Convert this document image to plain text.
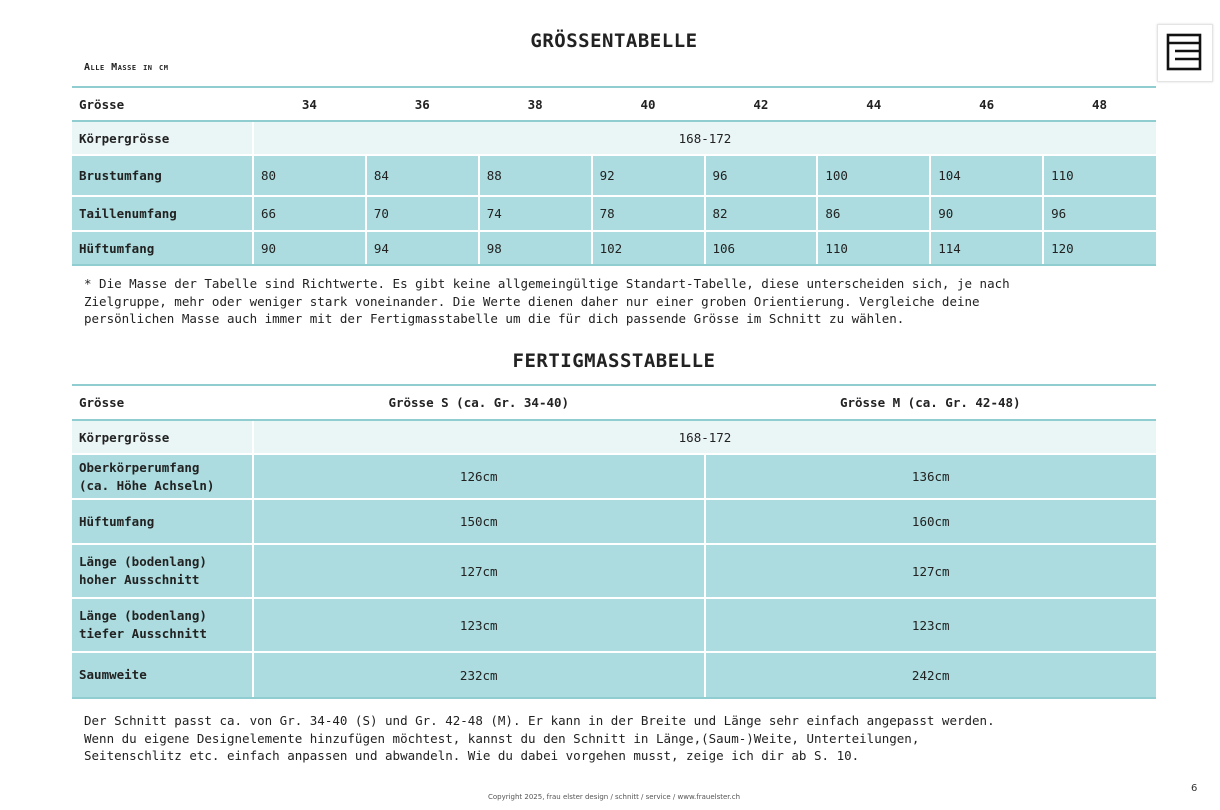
GRÖSSENTABELLE
Alle Masse in cm
Grösse	34	36	38	40	42	44	46	48
Körpergrösse	168-172							
Brustumfang	80	84	88	92	96	100	104	110
Taillenumfang	66	70	74	78	82	86	90	96
Hüftumfang	90	94	98	102	106	110	114	120
* Die Masse der Tabelle sind Richtwerte. Es gibt keine allgemeingültige Standart-Tabelle, diese unterscheiden sich, je nach
Zielgruppe, mehr oder weniger stark voneinander. Die Werte dienen daher nur einer groben Orientierung. Vergleiche deine
persönlichen Masse auch immer mit der Fertigmasstabelle um die für dich passende Grösse im Schnitt zu wählen.
FERTIGMASSTABELLE
Grösse	Grösse S (ca. Gr. 34-40)	Grösse M (ca. Gr. 42-48)
Körpergrösse	168-172	
Oberkörperumfang
(ca. Höhe Achseln)	126cm	136cm
Hüftumfang	150cm	160cm
Länge (bodenlang)
hoher Ausschnitt	127cm	127cm
Länge (bodenlang)
tiefer Ausschnitt	123cm	123cm
Saumweite	232cm	242cm
Der Schnitt passt ca. von Gr. 34-40 (S) und Gr. 42-48 (M). Er kann in der Breite und Länge sehr einfach angepasst werden.
Wenn du eigene Designelemente hinzufügen möchtest, kannst du den Schnitt in Länge,(Saum-)Weite, Unterteilungen,
Seitenschlitz etc. einfach anpassen und abwandeln. Wie du dabei vorgehen musst, zeige ich dir ab S. 10.
Copyright 2025, frau elster design / schnitt / service / www.frauelster.ch
6
